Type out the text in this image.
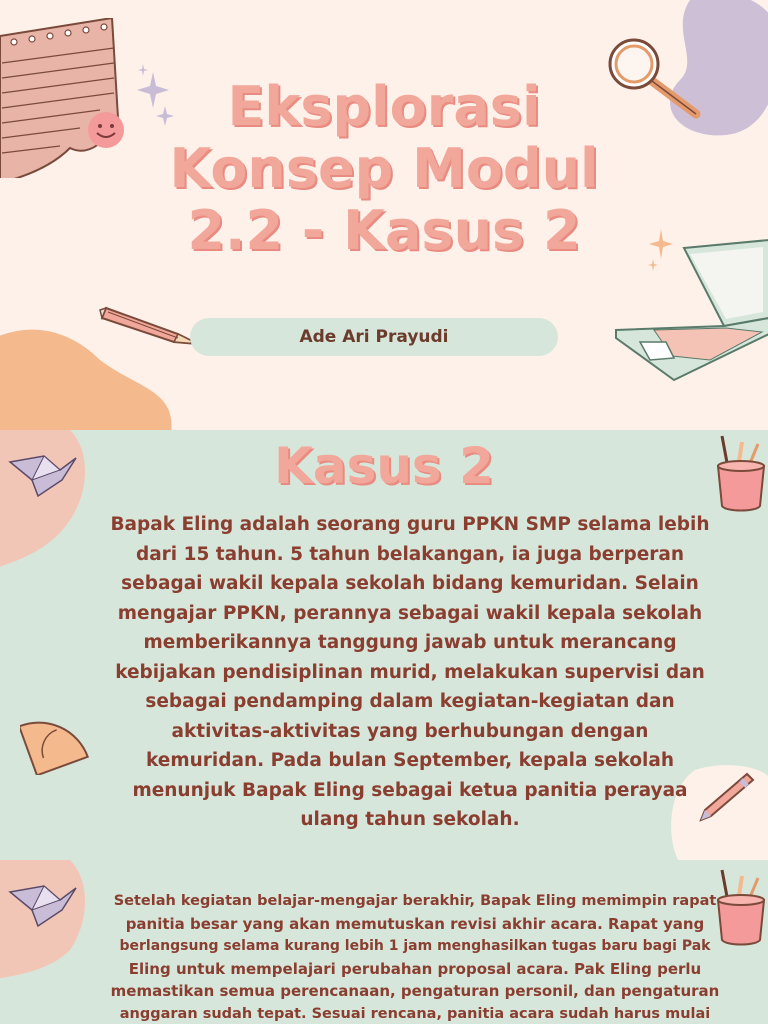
Eksplorasi
Konsep Modul
2.2 - Kasus 2
Ade Ari Prayudi
Kasus 2
Bapak Eling adalah seorang guru PPKN SMP selama lebih
dari 15 tahun. 5 tahun belakangan, ia juga berperan
sebagai wakil kepala sekolah bidang kemuridan. Selain
mengajar PPKN, perannya sebagai wakil kepala sekolah
memberikannya tanggung jawab untuk merancang
kebijakan pendisiplinan murid, melakukan supervisi dan
sebagai pendamping dalam kegiatan-kegiatan dan
aktivitas-aktivitas yang berhubungan dengan
kemuridan. Pada bulan September, kepala sekolah
menunjuk Bapak Eling sebagai ketua panitia perayaa
ulang tahun sekolah.
Setelah kegiatan belajar-mengajar berakhir, Bapak Eling memimpin rapat
panitia besar yang akan memutuskan revisi akhir acara. Rapat yang
berlangsung selama kurang lebih 1 jam menghasilkan tugas baru bagi Pak
Eling untuk mempelajari perubahan proposal acara. Pak Eling perlu
memastikan semua perencanaan, pengaturan personil, dan pengaturan
anggaran sudah tepat. Sesuai rencana, panitia acara sudah harus mulai
